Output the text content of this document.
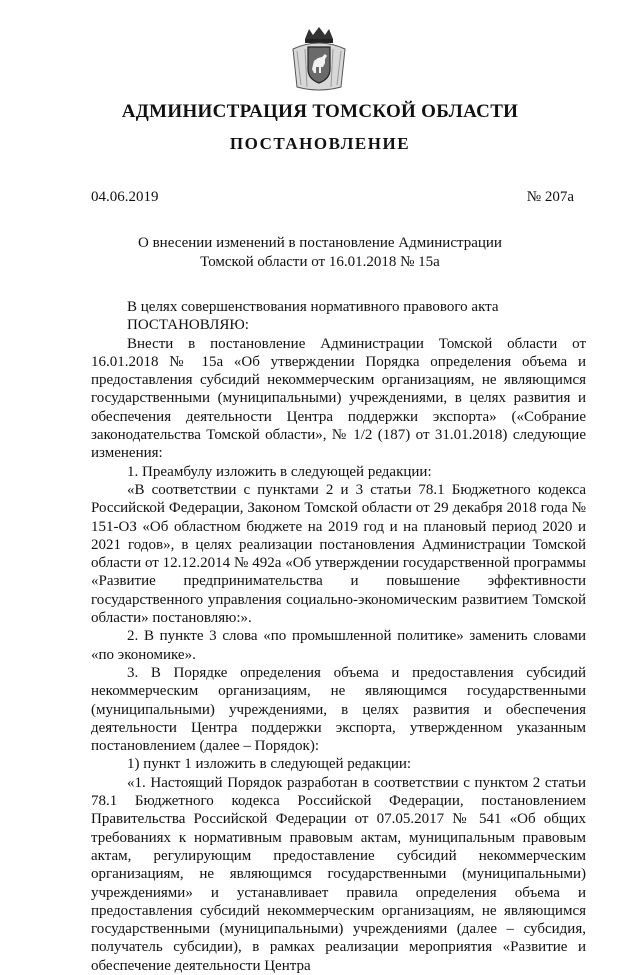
АДМИНИСТРАЦИЯ ТОМСКОЙ ОБЛАСТИ
ПОСТАНОВЛЕНИЕ
04.06.2019	№ 207а
О внесении изменений в постановление Администрации
Томской области от 16.01.2018 № 15а

В целях совершенствования нормативного правового акта

ПОСТАНОВЛЯЮ:

Внести в постановление Администрации Томской области от 16.01.2018 № 15а «Об утверждении Порядка определения объема и предоставления субсидий некоммерческим организациям, не являющимся государственными (муниципальными) учреждениями, в целях развития и обеспечения деятельности Центра поддержки экспорта» («Собрание законодательства Томской области», № 1/2 (187) от 31.01.2018) следующие изменения:

1. Преамбулу изложить в следующей редакции:

«В соответствии с пунктами 2 и 3 статьи 78.1 Бюджетного кодекса Российской Федерации, Законом Томской области от 29 декабря 2018 года № 151-ОЗ «Об областном бюджете на 2019 год и на плановый период 2020 и 2021 годов», в целях реализации постановления Администрации Томской области от 12.12.2014 № 492а «Об утверждении государственной программы «Развитие предпринимательства и повышение эффективности государственного управления социально-экономическим развитием Томской области» постановляю:».

2. В пункте 3 слова «по промышленной политике» заменить словами «по экономике».

3. В Порядке определения объема и предоставления субсидий некоммерческим организациям, не являющимся государственными (муниципальными) учреждениями, в целях развития и обеспечения деятельности Центра поддержки экспорта, утвержденном указанным постановлением (далее – Порядок):

1) пункт 1 изложить в следующей редакции:

«1. Настоящий Порядок разработан в соответствии с пунктом 2 статьи 78.1 Бюджетного кодекса Российской Федерации, постановлением Правительства Российской Федерации от 07.05.2017 № 541 «Об общих требованиях к нормативным правовым актам, муниципальным правовым актам, регулирующим предоставление субсидий некоммерческим организациям, не являющимся государственными (муниципальными) учреждениями» и устанавливает правила определения объема и предоставления субсидий некоммерческим организациям, не являющимся государственными (муниципальными) учреждениями (далее – субсидия, получатель субсидии), в рамках реализации мероприятия «Развитие и обеспечение деятельности Центра
